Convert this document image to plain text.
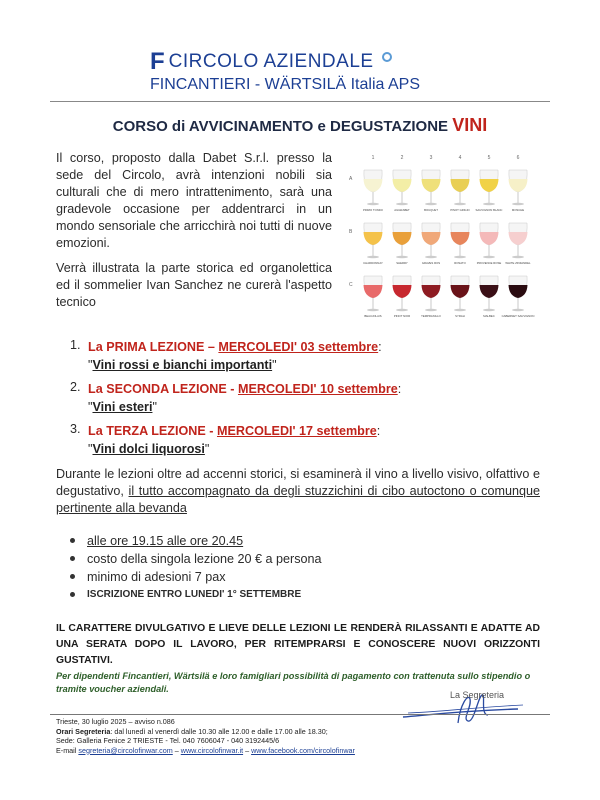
F CIRCOLO AZIENDALE
FINCANTIERI - WÄRTSILÄ Italia APS
CORSO di AVVICINAMENTO e DEGUSTAZIONE VINI

Il corso, proposto dalla Dabet S.r.l. presso la sede del Circolo, avrà intenzioni nobili sia culturali che di mero intrattenimento, sarà una gradevole occasione per addentrarci in un mondo sensoriale che arricchirà noi tutti di nuove emozioni.

Verrà illustrata la parte storica ed organolettica ed il sommelier Ivan Sanchez ne curerà l'aspetto tecnico

1	2	3	4	5	6
A
PRIMO TONDO	AGGRABET	BOUQUET	PINOT GRIGIO SAUVIGNON BLANC	MOSCHE
B
CHARDONNAY	SHERRY	GRAVES ROS	ROSATO	PROVENCE ROSE WHITE ZINFANDEL
C
BEAUJOLAIS	PINOT NOIR	TEMPRANILLO	SYRAH	MALBEC CABERNET SAUVIGNON
1. La PRIMA LEZIONE – MERCOLEDI' 03 settembre:
"Vini rossi e bianchi importanti"
2. La SECONDA LEZIONE - MERCOLEDI' 10 settembre:
"Vini esteri"
3. La TERZA LEZIONE - MERCOLEDI' 17 settembre:
"Vini dolci liquorosi"

Durante le lezioni oltre ad accenni storici, si esaminerà il vino a livello visivo, olfattivo e degustativo, il tutto accompagnato da degli stuzzichini di cibo autoctono o comunque pertinente alla bevanda

alle ore 19.15 alle ore 20.45
costo della singola lezione 20 € a persona
minimo di adesioni 7 pax
ISCRIZIONE ENTRO LUNEDI' 1° SETTEMBRE

IL CARATTERE DIVULGATIVO E LIEVE DELLE LEZIONI LE RENDERÀ RILASSANTI E ADATTE AD UNA SERATA DOPO IL LAVORO, PER RITEMPRARSI E CONOSCERE NUOVI ORIZZONTI GUSTATIVI.

Per dipendenti Fincantieri, Wärtsilä e loro famigliari possibilità di pagamento con trattenuta sullo stipendio o tramite voucher aziendali.

La Segreteria
Trieste, 30 luglio 2025 – avviso n.086
Orari Segreteria: dal lunedì al venerdì dalle 10.30 alle 12.00 e dalle 17.00 alle 18.30;
Sede: Galleria Fenice 2 TRIESTE - Tel. 040 7606047 - 040 3192445/6
E-mail segreteria@circolofinwar.com – www.circolofinwar.it – www.facebook.com/circolofinwar
